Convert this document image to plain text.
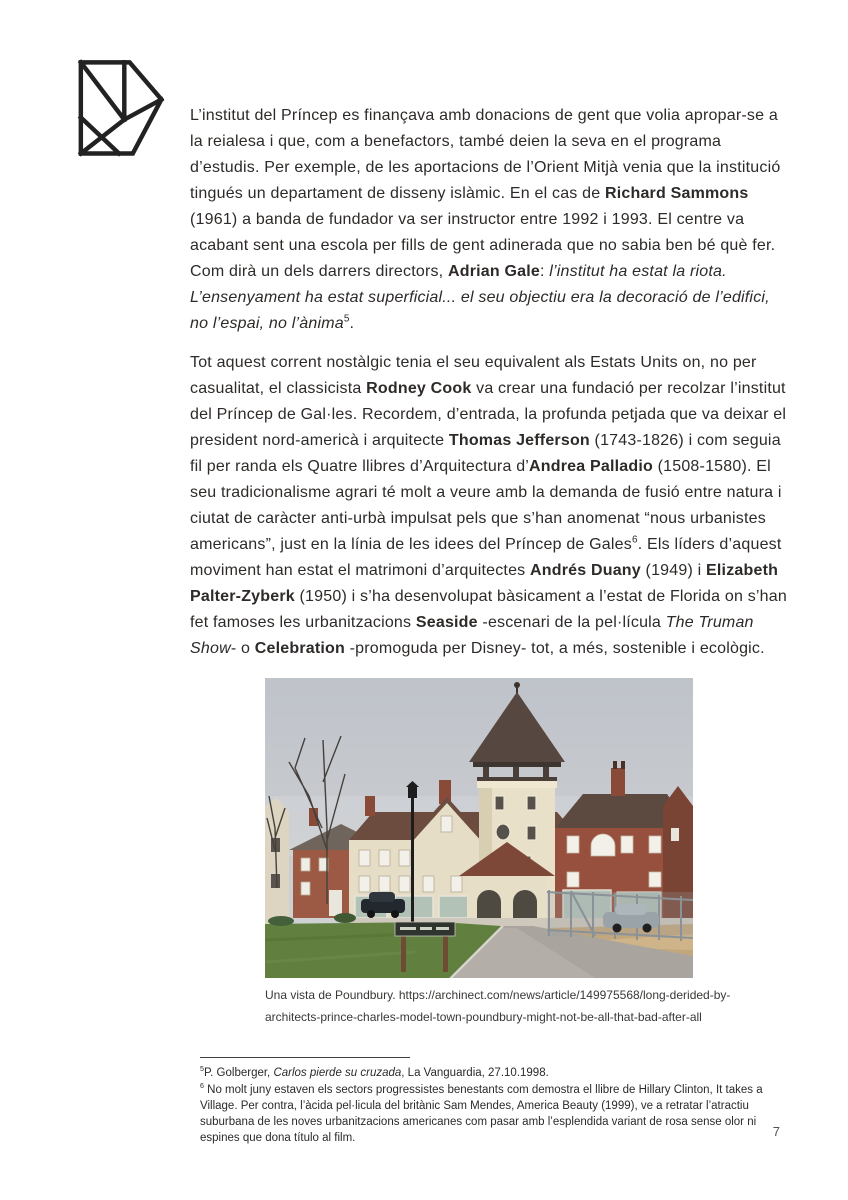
L’institut del Príncep es finançava amb donacions de gent que volia apropar-se a la reialesa i que, com a benefactors, també deien la seva en el programa d’estudis. Per exemple, de les aportacions de l’Orient Mitjà venia que la institució tingués un departament de disseny islàmic. En el cas de Richard Sammons (1961) a banda de fundador va ser instructor entre 1992 i 1993. El centre va acabant sent una escola per fills de gent adinerada que no sabia ben bé què fer. Com dirà un dels darrers directors, Adrian Gale: l’institut ha estat la riota. L’ensenyament ha estat superficial... el seu objectiu era la decoració de l’edifici, no l’espai, no l’ànima$^5$.

Tot aquest corrent nostàlgic tenia el seu equivalent als Estats Units on, no per casualitat, el classicista Rodney Cook va crear una fundació per recolzar l’institut del Príncep de Gal·les. Recordem, d’entrada, la profunda petjada que va deixar el president nord-americà i arquitecte Thomas Jefferson (1743-1826) i com seguia fil per randa els Quatre llibres d’Arquitectura d’Andrea Palladio (1508-1580). El seu tradicionalisme agrari té molt a veure amb la demanda de fusió entre natura i ciutat de caràcter anti-urbà impulsat pels que s’han anomenat “nous urbanistes americans”, just en la línia de les idees del Príncep de Gales$^6$. Els líders d’aquest moviment han estat el matrimoni d’arquitectes Andrés Duany (1949) i Elizabeth Palter-Zyberk (1950) i s’ha desenvolupat bàsicament a l’estat de Florida on s’han fet famoses les urbanitzacions Seaside -escenari de la pel·lícula The Truman Show- o Celebration -promoguda per Disney- tot, a més, sostenible i ecològic.

Una vista de Poundbury. https://archinect.com/news/article/149975568/long-derided-by-architects-prince-charles-model-town-poundbury-might-not-be-all-that-bad-after-all

$^5$P. Golberger, Carlos pierde su cruzada, La Vanguardia, 27.10.1998.

$^6$ No molt juny estaven els sectors progressistes benestants com demostra el llibre de Hillary Clinton, It takes a Village. Per contra, l’àcida pel·licula del britànic Sam Mendes, America Beauty (1999), ve a retratar l’atractiu suburbana de les noves urbanitzacions americanes com pasar amb l’esplendida variant de rosa sense olor ni espines que dona título al film.	7
